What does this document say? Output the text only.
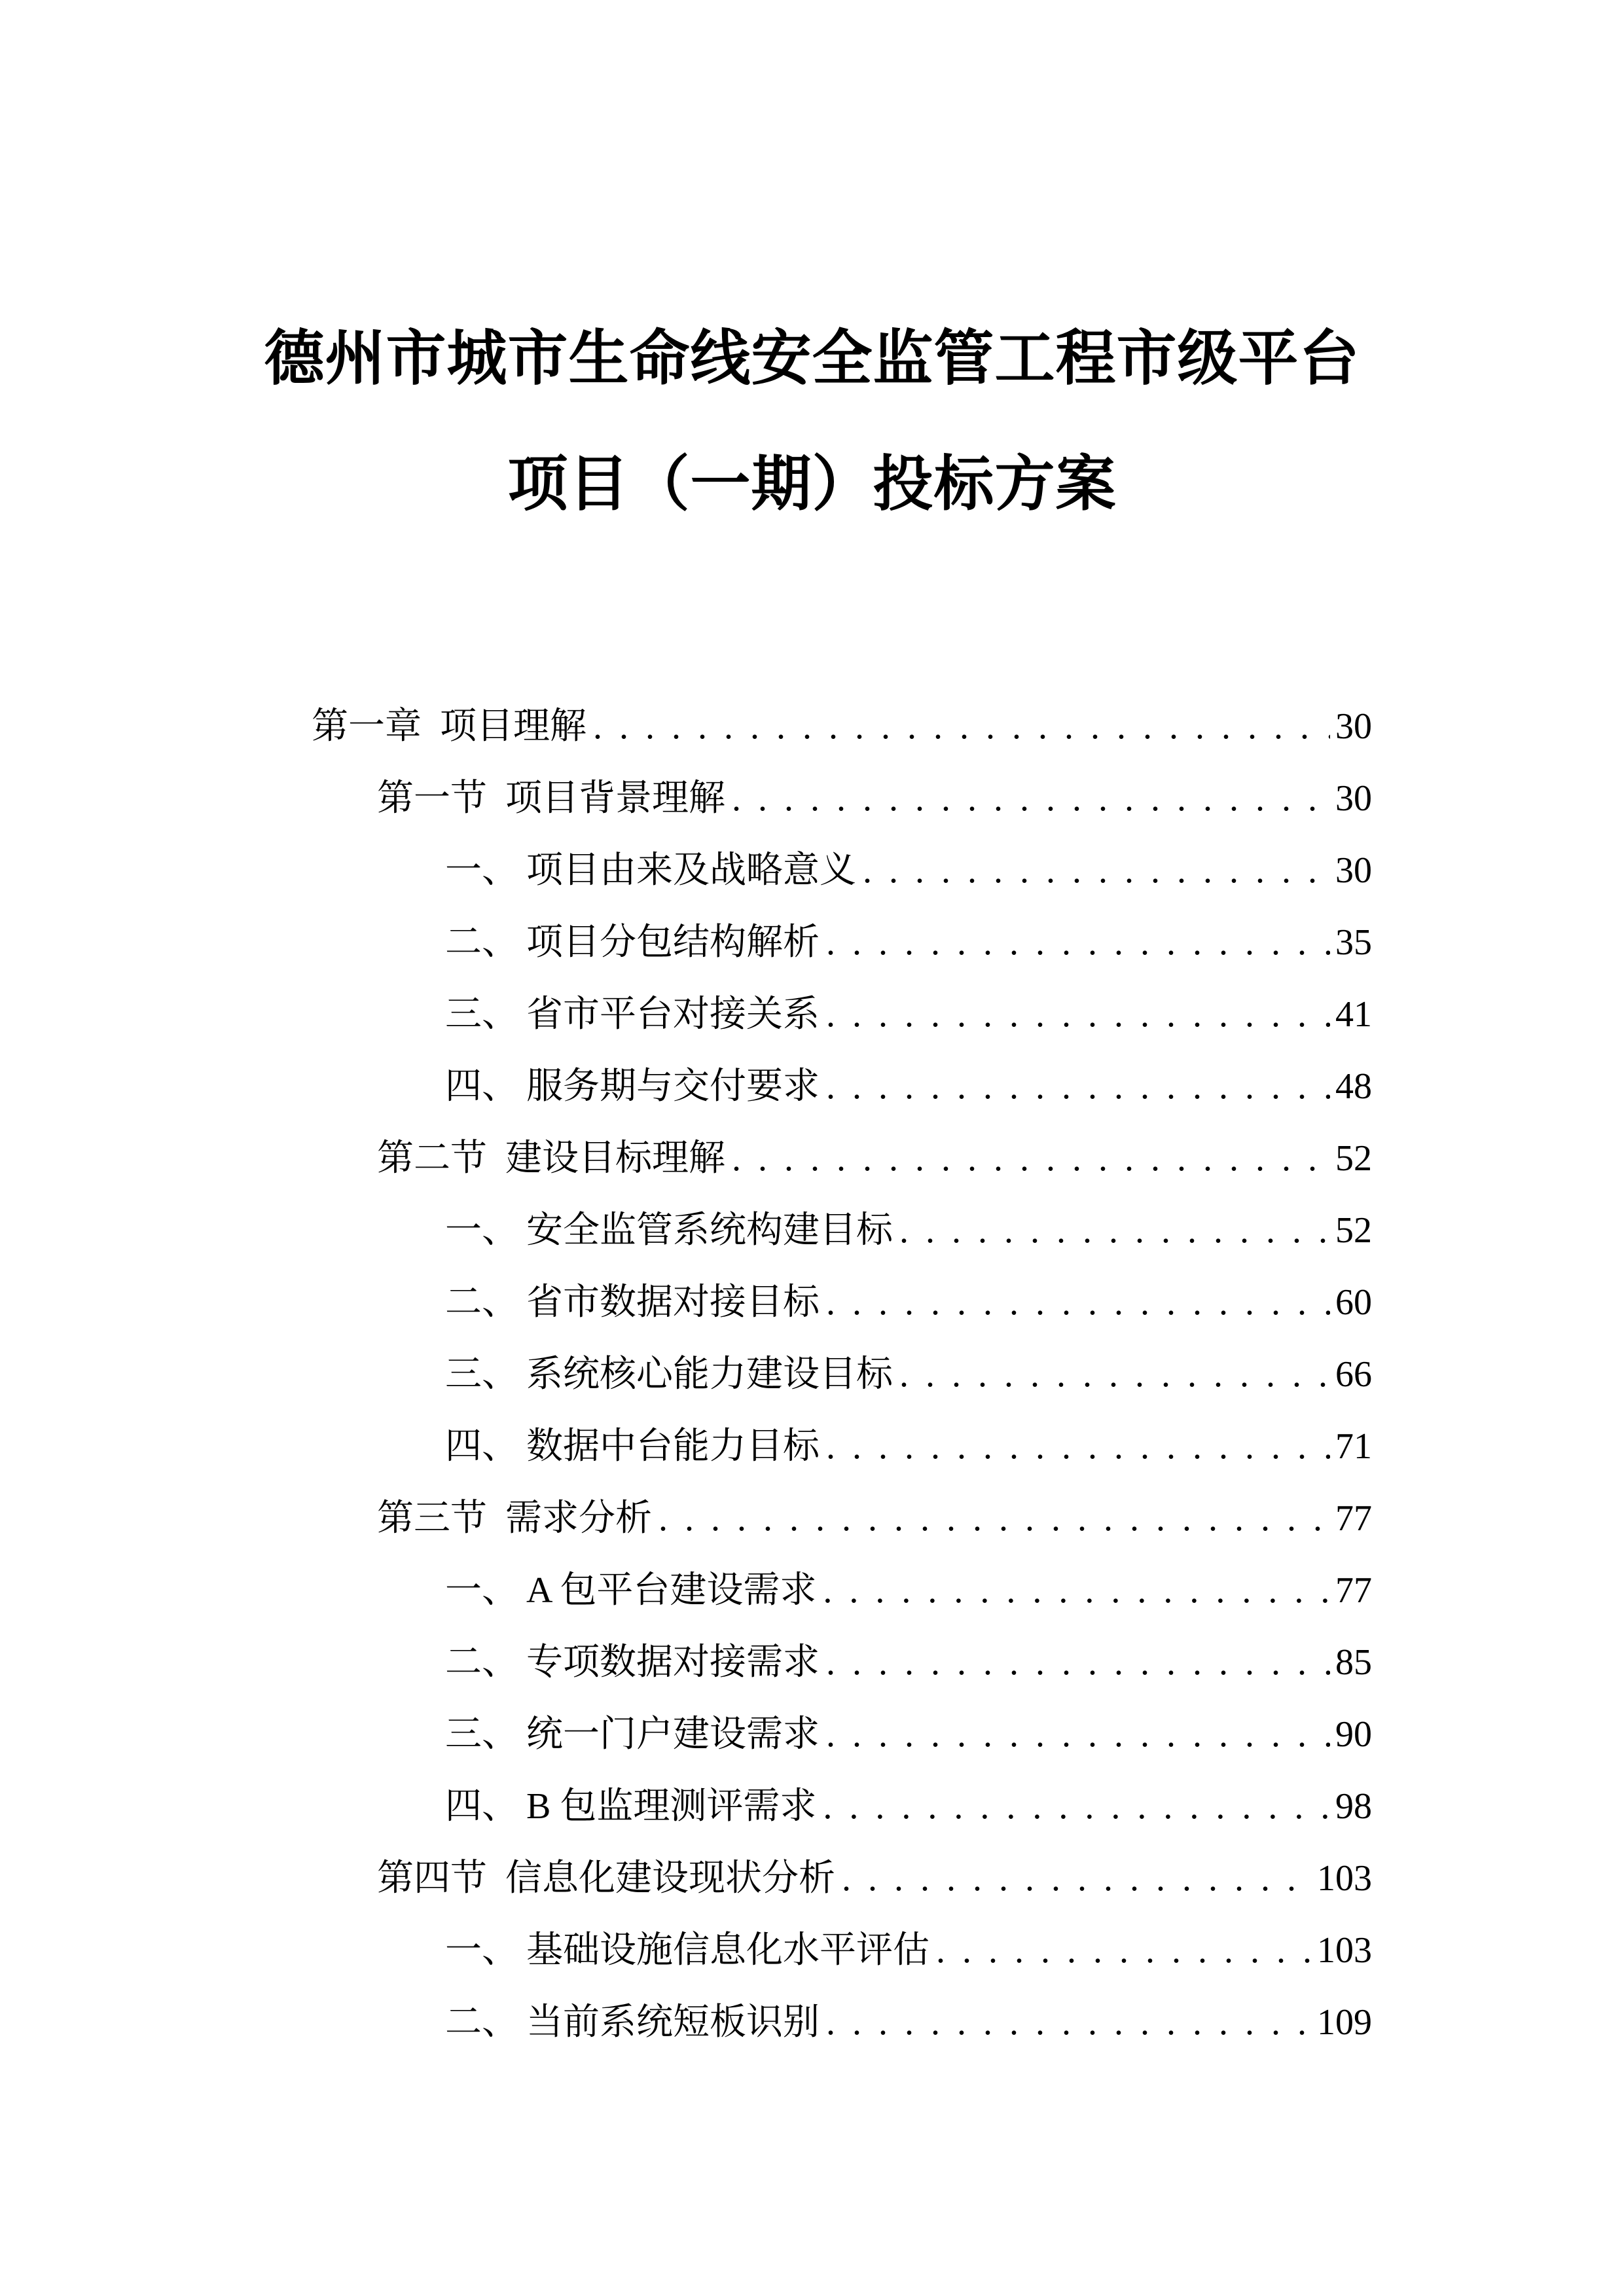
德州市城市生命线安全监管工程市级平台
项目（一期）投标方案
第一章 项目理解 . . .	30
第一节 项目背景理解 . . .	30
一、 项目由来及战略意义 . . .	30
二、 项目分包结构解析 . . .	35
三、 省市平台对接关系 . . .	41
四、 服务期与交付要求 . . .	48
第二节 建设目标理解 . . .	52
一、 安全监管系统构建目标 . . .	52
二、 省市数据对接目标 . . .	60
三、 系统核心能力建设目标 . . .	66
四、 数据中台能力目标 . . .	71
第三节 需求分析 . . .	77
一、 A 包平台建设需求 . . .	77
二、 专项数据对接需求 . . .	85
三、 统一门户建设需求 . . .	90
四、 B 包监理测评需求 . . .	98
第四节 信息化建设现状分析 . . .	103
一、 基础设施信息化水平评估 . . .	103
二、 当前系统短板识别 . . .	109
